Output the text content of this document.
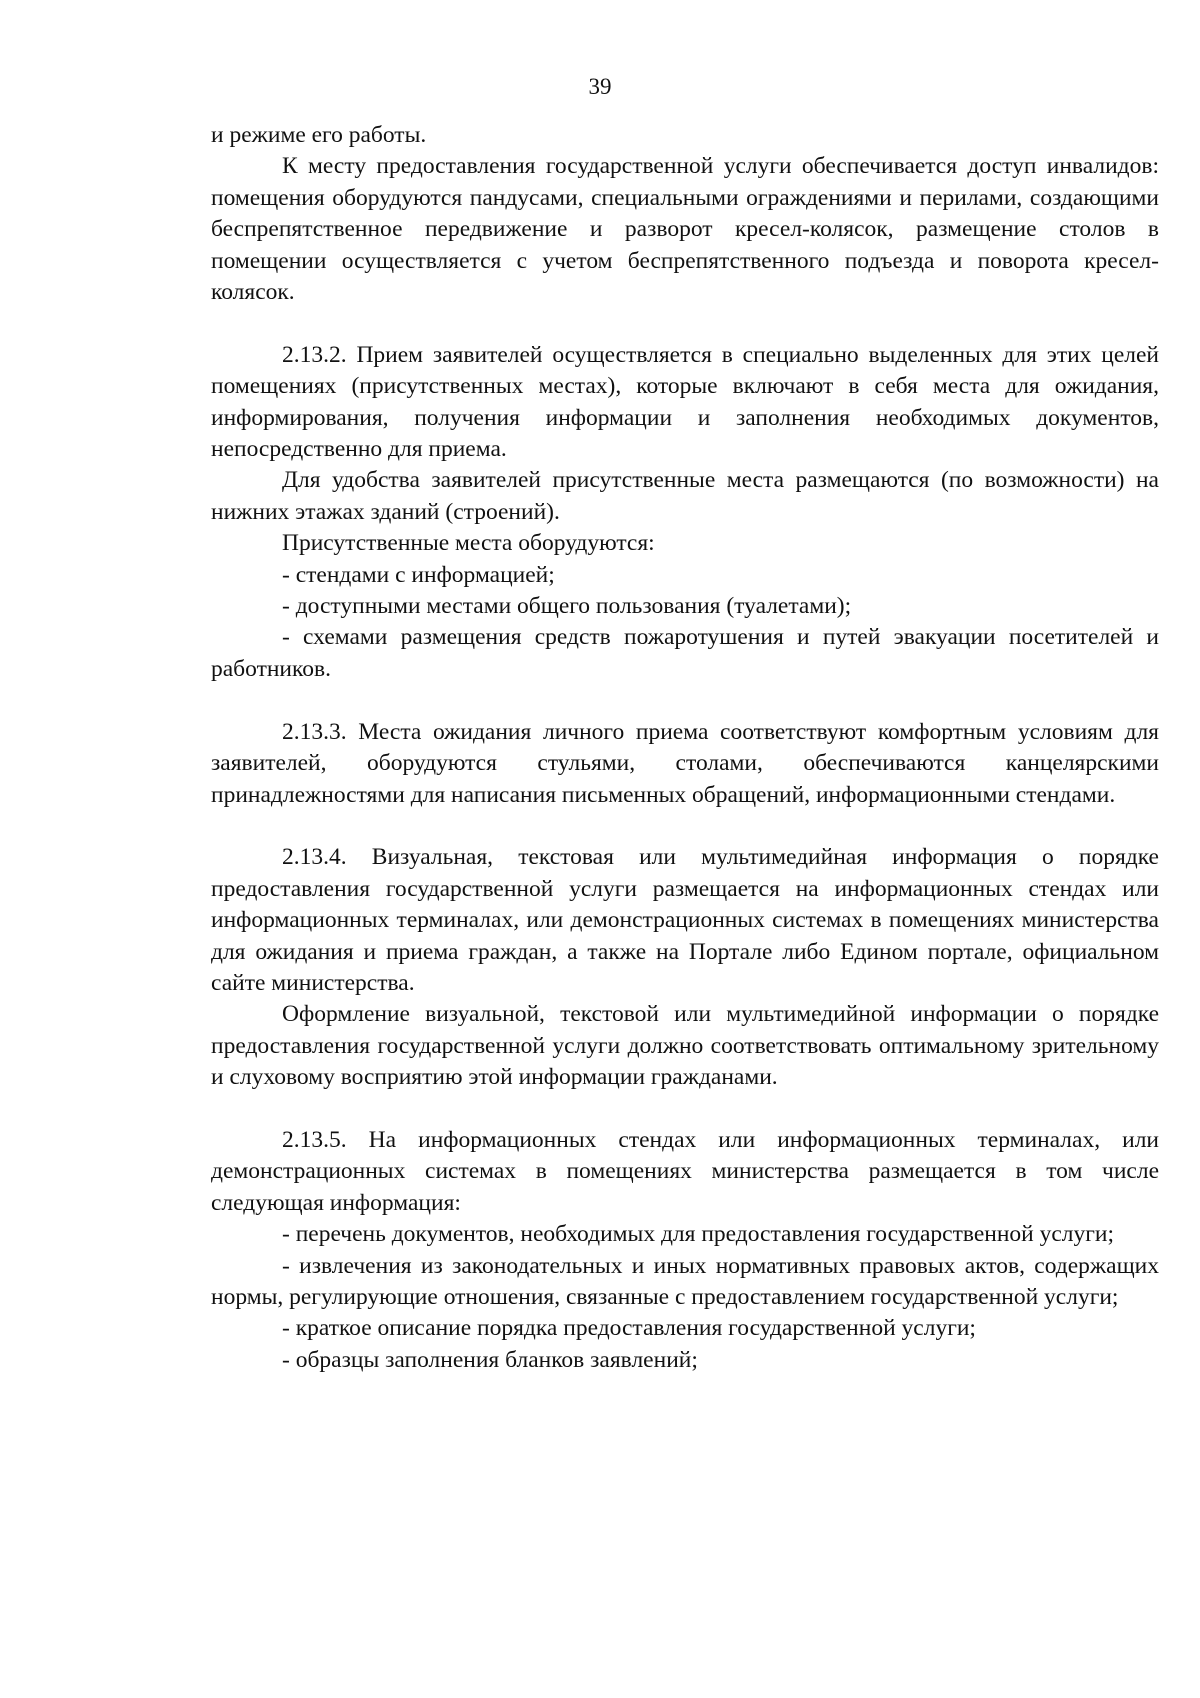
39

и режиме его работы.

К месту предоставления государственной услуги обеспечивается доступ инвалидов: помещения оборудуются пандусами, специальными ограждениями и перилами, создающими беспрепятственное передвижение и разворот кресел-колясок, размещение столов в помещении осуществляется с учетом беспрепятственного подъезда и поворота кресел-колясок.

2.13.2. Прием заявителей осуществляется в специально выделенных для этих целей помещениях (присутственных местах), которые включают в себя места для ожидания, информирования, получения информации и заполнения необходимых документов, непосредственно для приема.

Для удобства заявителей присутственные места размещаются (по возможности) на нижних этажах зданий (строений).

Присутственные места оборудуются:

- стендами с информацией;

- доступными местами общего пользования (туалетами);

- схемами размещения средств пожаротушения и путей эвакуации посетителей и работников.

2.13.3. Места ожидания личного приема соответствуют комфортным условиям для заявителей, оборудуются стульями, столами, обеспечиваются канцелярскими принадлежностями для написания письменных обращений, информационными стендами.

2.13.4. Визуальная, текстовая или мультимедийная информация о порядке предоставления государственной услуги размещается на информационных стендах или информационных терминалах, или демонстрационных системах в помещениях министерства для ожидания и приема граждан, а также на Портале либо Едином портале, официальном сайте министерства.

Оформление визуальной, текстовой или мультимедийной информации о порядке предоставления государственной услуги должно соответствовать оптимальному зрительному и слуховому восприятию этой информации гражданами.

2.13.5. На информационных стендах или информационных терминалах, или демонстрационных системах в помещениях министерства размещается в том числе следующая информация:

- перечень документов, необходимых для предоставления государственной услуги;

- извлечения из законодательных и иных нормативных правовых актов, содержащих нормы, регулирующие отношения, связанные с предоставлением государственной услуги;

- краткое описание порядка предоставления государственной услуги;

- образцы заполнения бланков заявлений;
